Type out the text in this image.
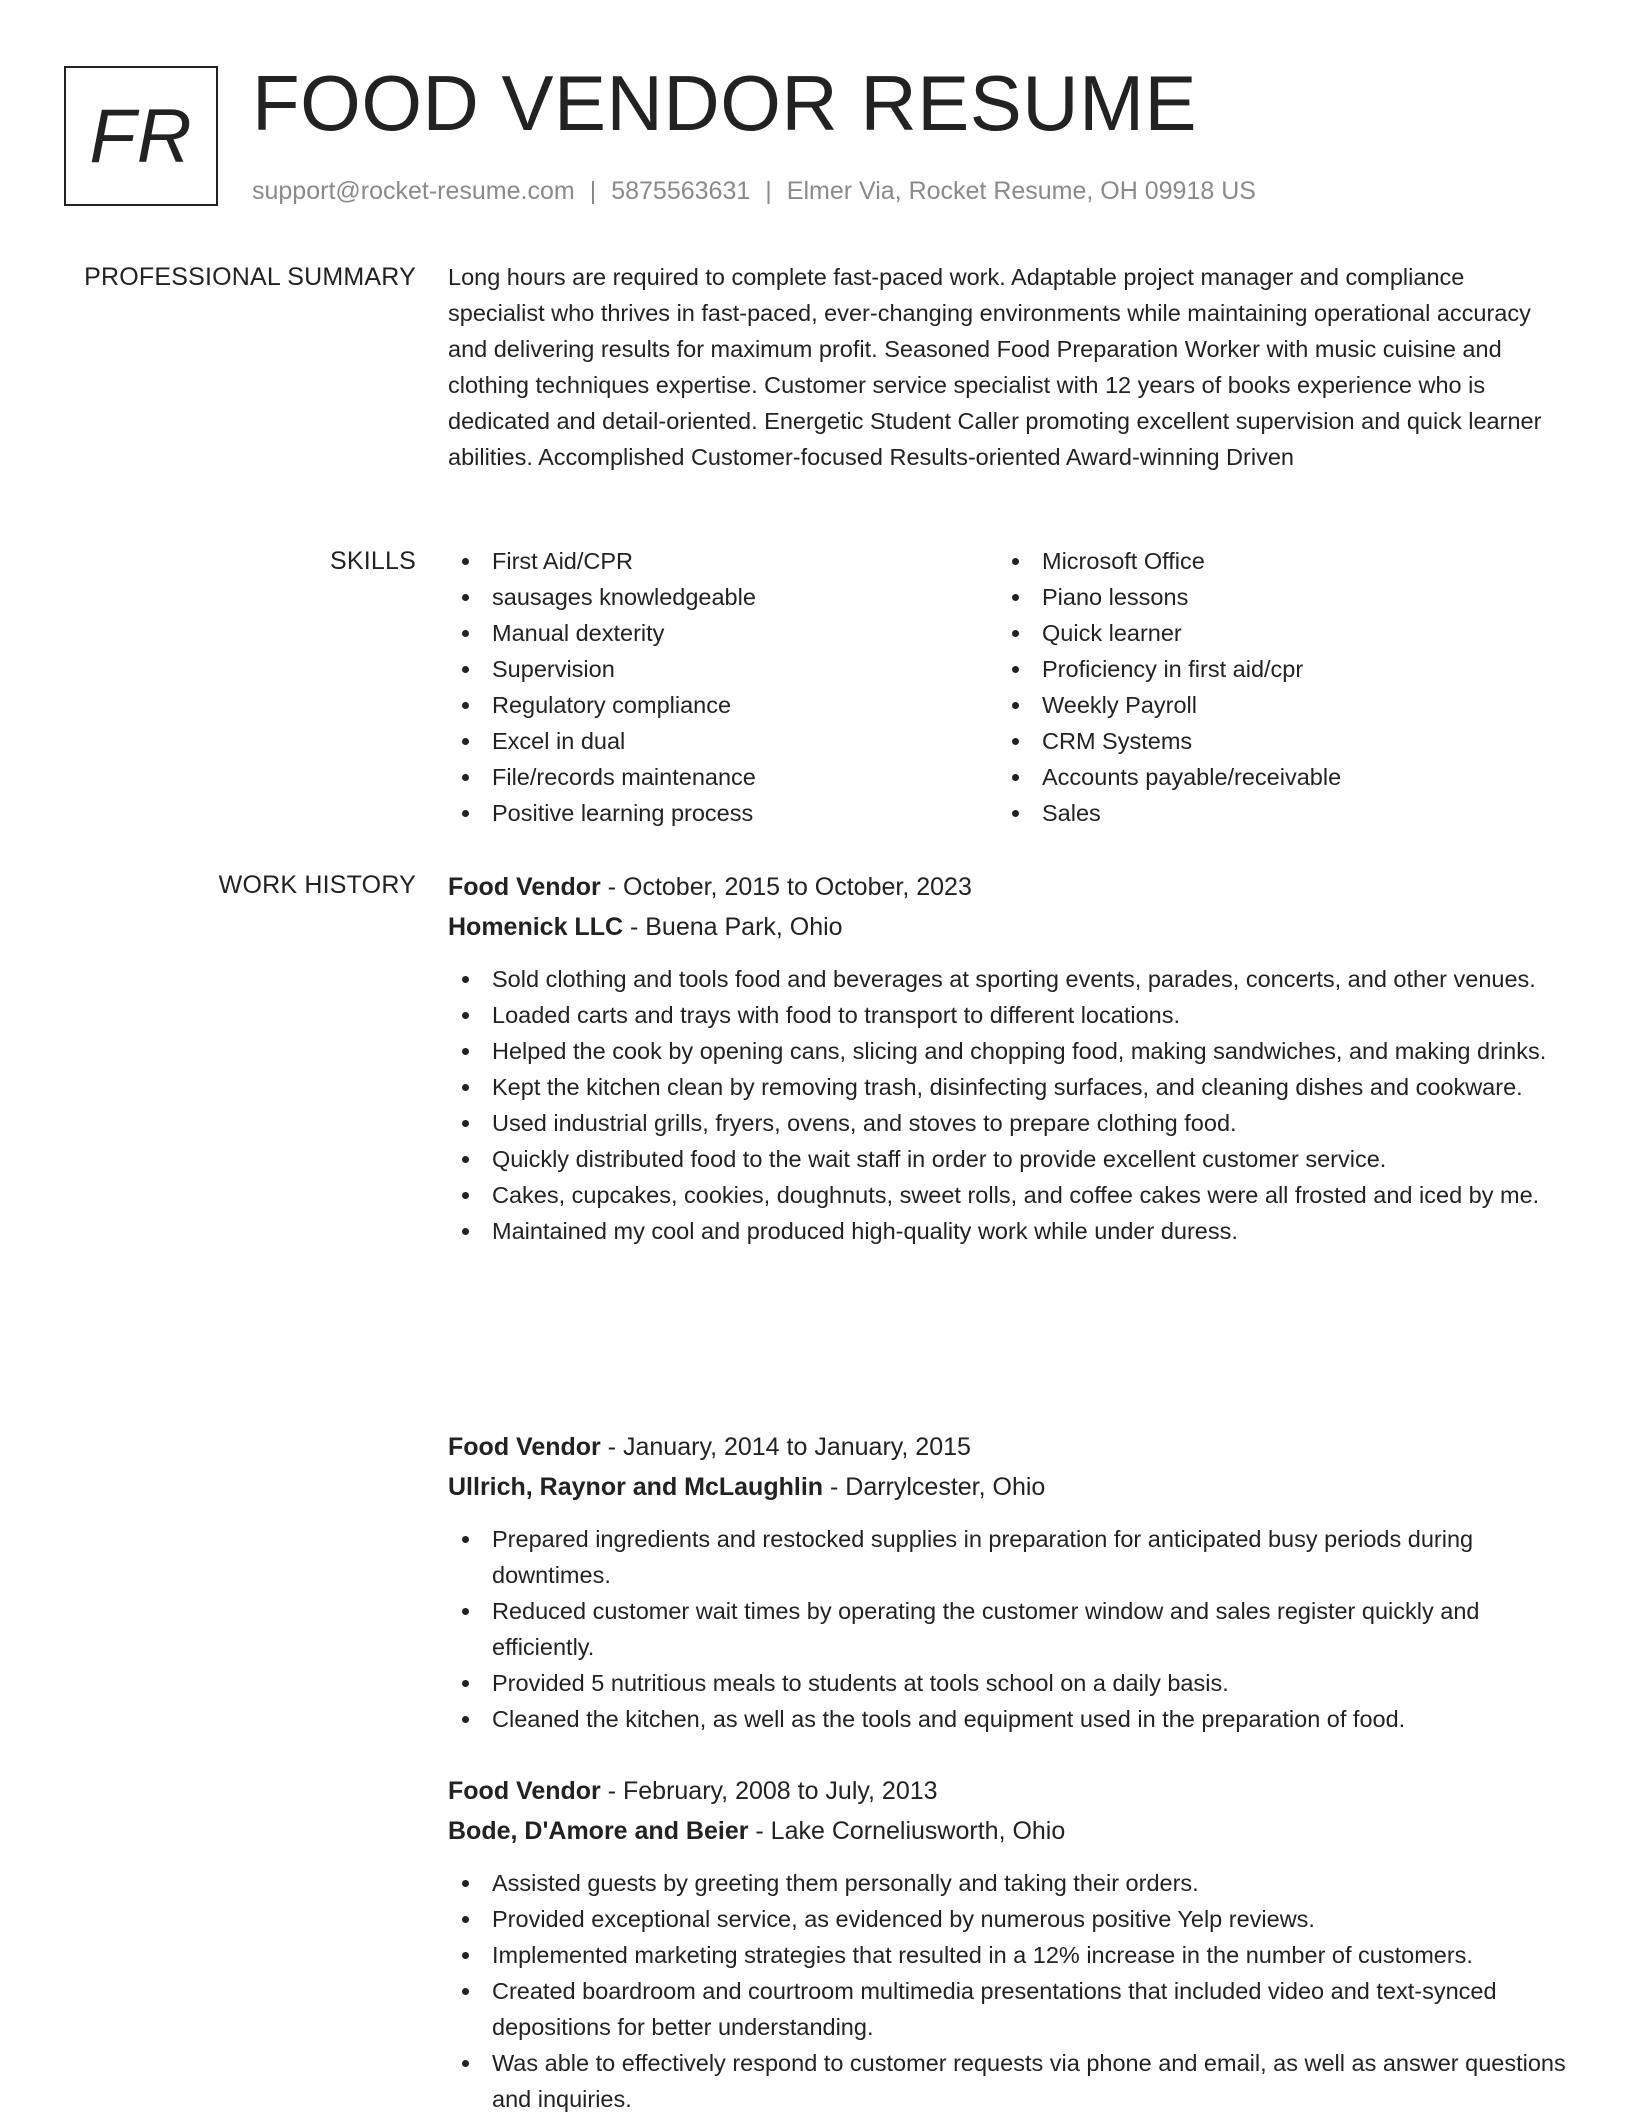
FR FOOD VENDOR RESUME
support@rocket-resume.com | 5875563631 | Elmer Via, Rocket Resume, OH 09918 US
PROFESSIONAL SUMMARY Long hours are required to complete fast-paced work. Adaptable project manager and compliance specialist who thrives in fast-paced, ever-changing environments while maintaining operational accuracy and delivering results for maximum profit. Seasoned Food Preparation Worker with music cuisine and clothing techniques expertise. Customer service specialist with 12 years of books experience who is dedicated and detail-oriented. Energetic Student Caller promoting excellent supervision and quick learner abilities. Accomplished Customer-focused Results-oriented Award-winning Driven

SKILLS	First Aid/CPR
sausages knowledgeable
Manual dexterity
Supervision
Regulatory compliance
Excel in dual
File/records maintenance
Positive learning process
Microsoft Office
Piano lessons
Quick learner
Proficiency in first aid/cpr
Weekly Payroll
CRM Systems
Accounts payable/receivable
Sales
WORK HISTORY Food Vendor - October, 2015 to October, 2023
Homenick LLC - Buena Park, Ohio
Sold clothing and tools food and beverages at sporting events, parades, concerts, and other venues.
Loaded carts and trays with food to transport to different locations.
Helped the cook by opening cans, slicing and chopping food, making sandwiches, and making drinks.
Kept the kitchen clean by removing trash, disinfecting surfaces, and cleaning dishes and cookware.
Used industrial grills, fryers, ovens, and stoves to prepare clothing food.
Quickly distributed food to the wait staff in order to provide excellent customer service.
Cakes, cupcakes, cookies, doughnuts, sweet rolls, and coffee cakes were all frosted and iced by me.
Maintained my cool and produced high-quality work while under duress.
Food Vendor - January, 2014 to January, 2015
Ullrich, Raynor and McLaughlin - Darrylcester, Ohio
Prepared ingredients and restocked supplies in preparation for anticipated busy periods during downtimes.
Reduced customer wait times by operating the customer window and sales register quickly and efficiently.
Provided 5 nutritious meals to students at tools school on a daily basis.
Cleaned the kitchen, as well as the tools and equipment used in the preparation of food.
Food Vendor - February, 2008 to July, 2013
Bode, D'Amore and Beier - Lake Corneliusworth, Ohio
Assisted guests by greeting them personally and taking their orders.
Provided exceptional service, as evidenced by numerous positive Yelp reviews.
Implemented marketing strategies that resulted in a 12% increase in the number of customers.
Created boardroom and courtroom multimedia presentations that included video and text-synced depositions for better understanding.
Was able to effectively respond to customer requests via phone and email, as well as answer questions and inquiries.
